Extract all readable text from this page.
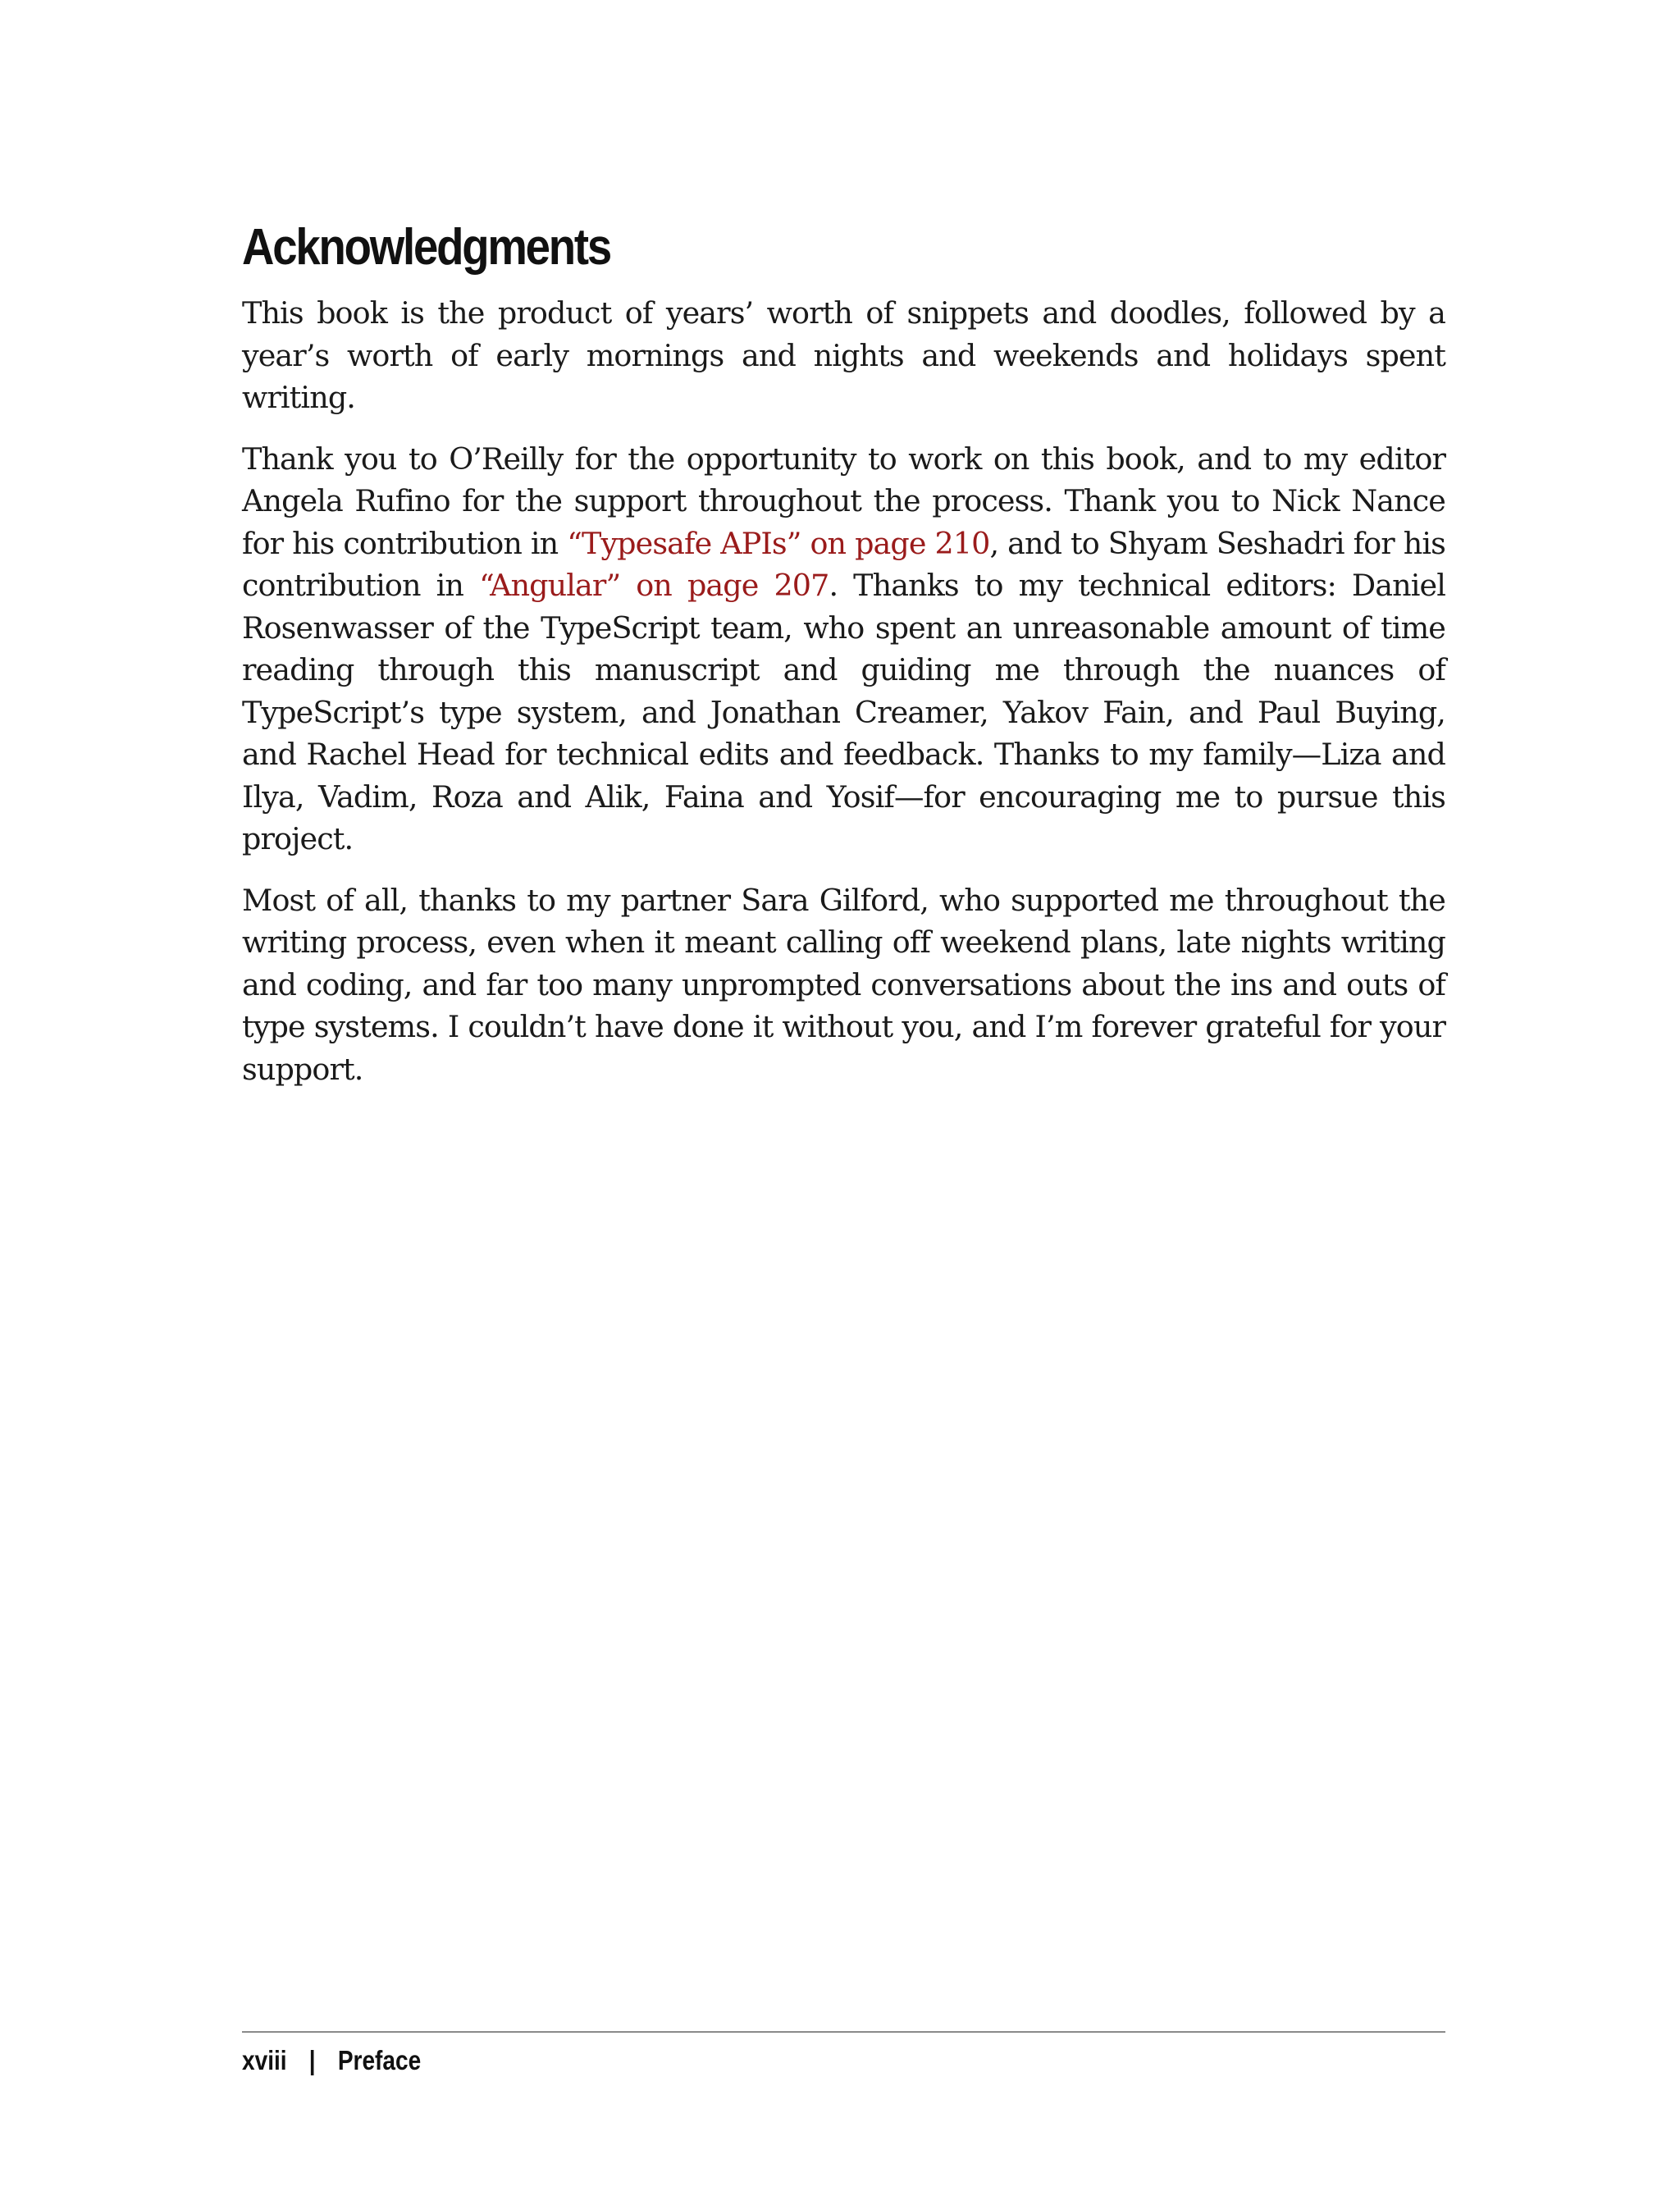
Acknowledgments

This book is the product of years’ worth of snippets and doodles, followed by a year’s worth of early mornings and nights and weekends and holidays spent writing.

Thank you to O’Reilly for the opportunity to work on this book, and to my editor Angela Rufino for the support throughout the process. Thank you to Nick Nance for his contribution in “Typesafe APIs” on page 210, and to Shyam Seshadri for his contribution in “Angular” on page 207. Thanks to my technical editors: Daniel Rosenwasser of the TypeScript team, who spent an unreasonable amount of time reading through this manuscript and guiding me through the nuances of TypeScript’s type system, and Jonathan Creamer, Yakov Fain, and Paul Buying, and Rachel Head for technical edits and feedback. Thanks to my family—Liza and Ilya, Vadim, Roza and Alik, Faina and Yosif—for encouraging me to pursue this project.

Most of all, thanks to my partner Sara Gilford, who supported me throughout the writing process, even when it meant calling off weekend plans, late nights writing and coding, and far too many unprompted conversations about the ins and outs of type systems. I couldn’t have done it without you, and I’m forever grateful for your support.

xviii | Preface
